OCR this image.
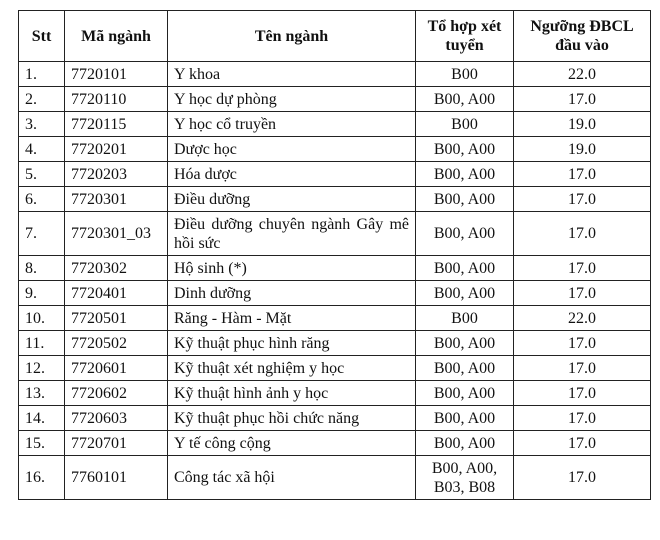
Stt	Mã ngành	Tên ngành	Tổ hợp xét tuyển	Ngưỡng ĐBCL đầu vào
1.	7720101	Y khoa	B00	22.0
2.	7720110	Y học dự phòng	B00, A00	17.0
3.	7720115	Y học cổ truyền	B00	19.0
4.	7720201	Dược học	B00, A00	19.0
5.	7720203	Hóa dược	B00, A00	17.0
6.	7720301	Điều dưỡng	B00, A00	17.0
7.	7720301_03	Điều dưỡng chuyên ngành Gây mê hồi sức	B00, A00	17.0
8.	7720302	Hộ sinh (*)	B00, A00	17.0
9.	7720401	Dinh dưỡng	B00, A00	17.0
10.	7720501	Răng - Hàm - Mặt	B00	22.0
11.	7720502	Kỹ thuật phục hình răng	B00, A00	17.0
12.	7720601	Kỹ thuật xét nghiệm y học	B00, A00	17.0
13.	7720602	Kỹ thuật hình ảnh y học	B00, A00	17.0
14.	7720603	Kỹ thuật phục hồi chức năng	B00, A00	17.0
15.	7720701	Y tế công cộng	B00, A00	17.0
16.	7760101	Công tác xã hội	B00, A00, B03, B08	17.0
